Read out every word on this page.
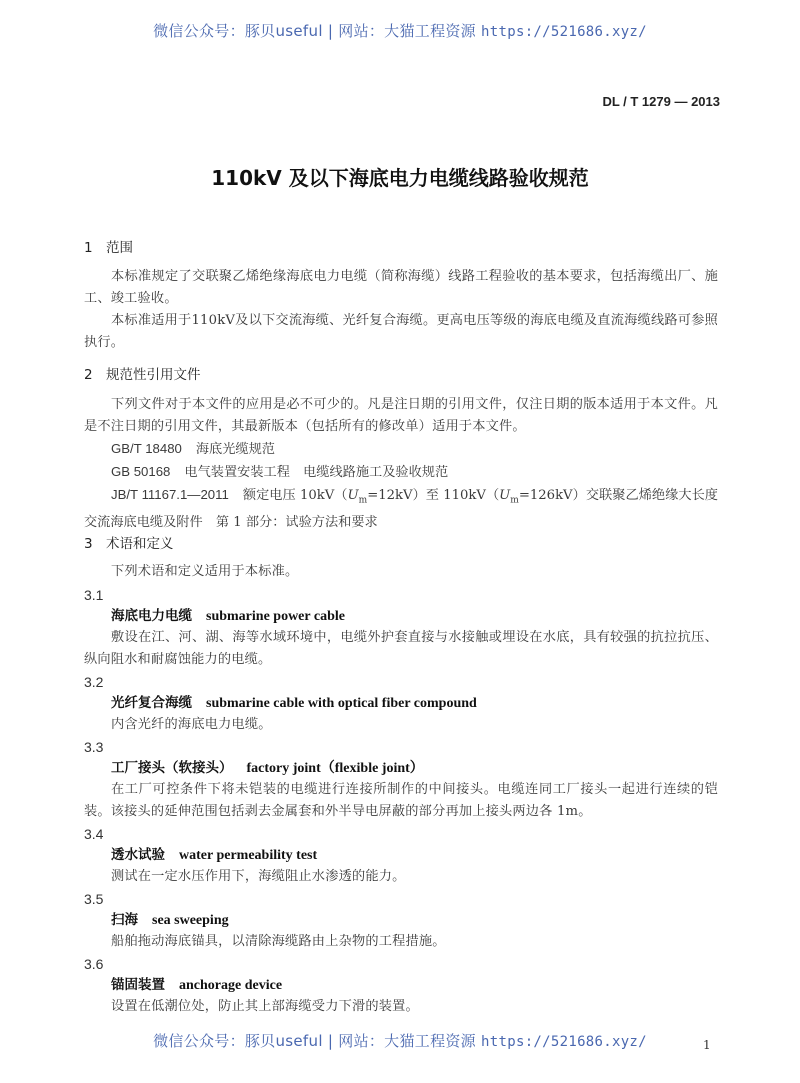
微信公众号：豚贝useful | 网站：大猫工程资源 https://521686.xyz/
DL / T 1279 — 2013
110kV 及以下海底电力电缆线路验收规范
1 范围
本标准规定了交联聚乙烯绝缘海底电力电缆（简称海缆）线路工程验收的基本要求，包括海缆出厂、施工、竣工验收。
本标准适用于110kV及以下交流海缆、光纤复合海缆。更高电压等级的海底电缆及直流海缆线路可参照执行。
2 规范性引用文件
下列文件对于本文件的应用是必不可少的。凡是注日期的引用文件，仅注日期的版本适用于本文件。凡是不注日期的引用文件，其最新版本（包括所有的修改单）适用于本文件。
GB/T 18480 海底光缆规范
GB 50168 电气装置安装工程　电缆线路施工及验收规范
JB/T 11167.1—2011 额定电压 $10kV(U_m=12kV)$至 $110kV(U_m=126kV)$交联聚乙烯绝缘大长度交流海底电缆及附件　第 1 部分：试验方法和要求
3 术语和定义
下列术语和定义适用于本标准。
3.1
海底电力电缆 submarine power cable
敷设在江、河、湖、海等水域环境中，电缆外护套直接与水接触或埋设在水底，具有较强的抗拉抗压、纵向阻水和耐腐蚀能力的电缆。
3.2
光纤复合海缆 submarine cable with optical fiber compound
内含光纤的海底电力电缆。
3.3
工厂接头（软接头） factory joint（flexible joint）
在工厂可控条件下将未铠装的电缆进行连接所制作的中间接头。电缆连同工厂接头一起进行连续的铠装。该接头的延伸范围包括剥去金属套和外半导电屏蔽的部分再加上接头两边各 1m。
3.4
透水试验 water permeability test
测试在一定水压作用下，海缆阻止水渗透的能力。
3.5
扫海 sea sweeping
船舶拖动海底锚具，以清除海缆路由上杂物的工程措施。
3.6
锚固装置 anchorage device
设置在低潮位处，防止其上部海缆受力下滑的装置。
微信公众号：豚贝useful | 网站：大猫工程资源 https://521686.xyz/	1
